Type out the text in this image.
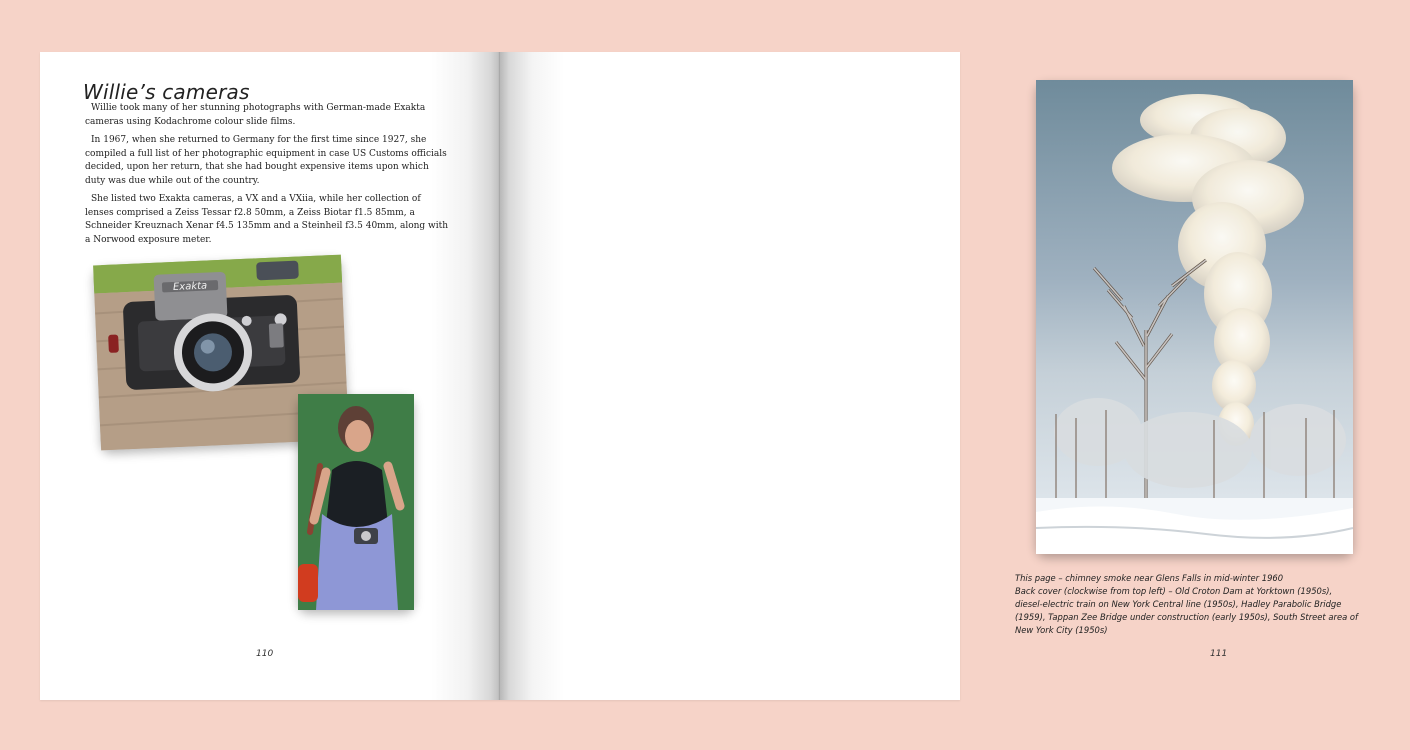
Willie’s cameras

Willie took many of her stunning photographs with German-made Exakta cameras using Kodachrome colour slide films.

In 1967, when she returned to Germany for the first time since 1927, she compiled a full list of her photographic equipment in case US Customs officials decided, upon her return, that she had bought expensive items upon which duty was due while out of the country.

She listed two Exakta cameras, a VX and a VXiia, while her collection of lenses comprised a Zeiss Tessar f2.8 50mm, a Zeiss Biotar f1.5 85mm, a Schneider Kreuznach Xenar f4.5 135mm and a Steinheil f3.5 40mm, along with a Norwood exposure meter.

Exakta
110
This page – chimney smoke near Glens Falls in mid-winter 1960
Back cover (clockwise from top left) – Old Croton Dam at Yorktown (1950s),
diesel-electric train on New York Central line (1950s), Hadley Parabolic Bridge
(1959), Tappan Zee Bridge under construction (early 1950s), South Street area of
New York City (1950s)
111
